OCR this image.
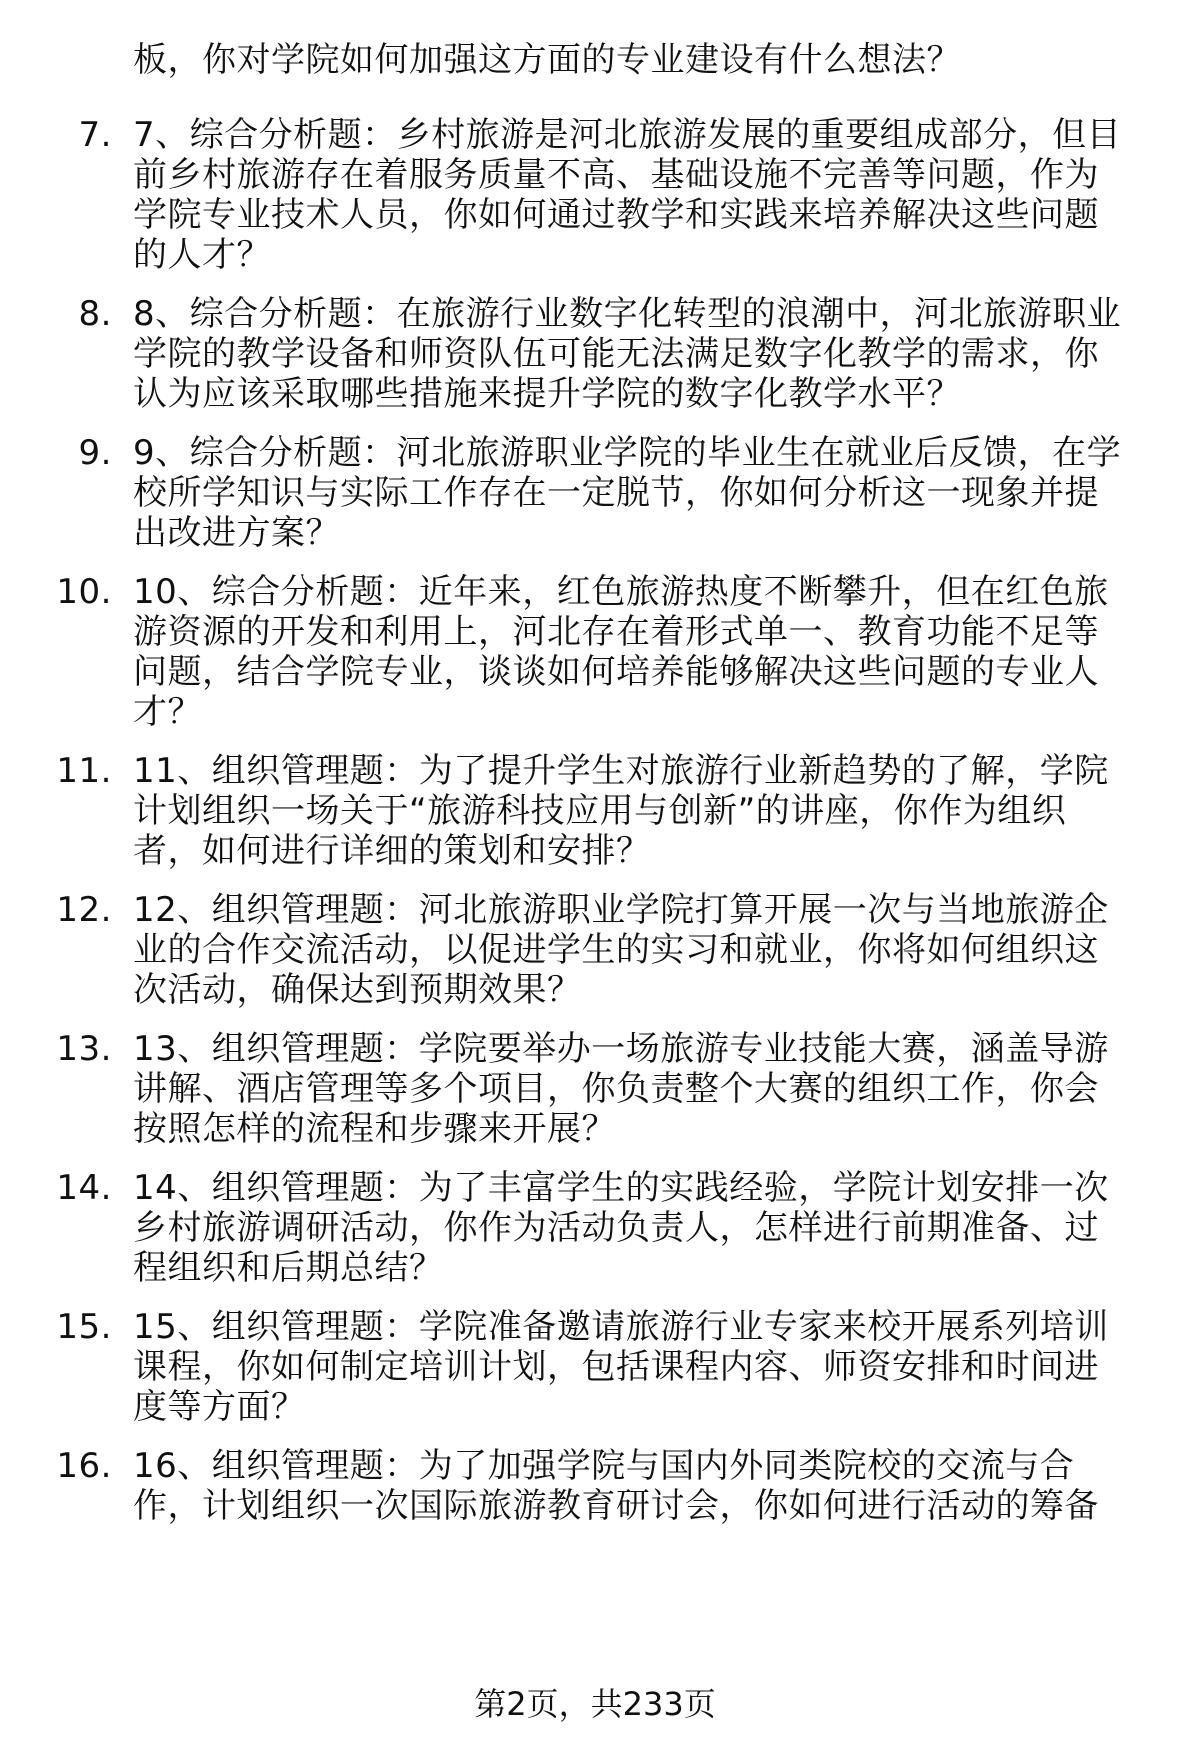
板，你对学院如何加强这方面的专业建设有什么想法？
7. 7、综合分析题：乡村旅游是河北旅游发展的重要组成部分，但目
前乡村旅游存在着服务质量不高、基础设施不完善等问题，作为
学院专业技术人员，你如何通过教学和实践来培养解决这些问题
的人才？
8. 8、综合分析题：在旅游行业数字化转型的浪潮中，河北旅游职业
学院的教学设备和师资队伍可能无法满足数字化教学的需求，你
认为应该采取哪些措施来提升学院的数字化教学水平？
9. 9、综合分析题：河北旅游职业学院的毕业生在就业后反馈，在学
校所学知识与实际工作存在一定脱节，你如何分析这一现象并提
出改进方案？
10. 10、综合分析题：近年来，红色旅游热度不断攀升，但在红色旅
游资源的开发和利用上，河北存在着形式单一、教育功能不足等
问题，结合学院专业，谈谈如何培养能够解决这些问题的专业人
才？
11. 11、组织管理题：为了提升学生对旅游行业新趋势的了解，学院
计划组织一场关于“旅游科技应用与创新”的讲座，你作为组织
者，如何进行详细的策划和安排？
12. 12、组织管理题：河北旅游职业学院打算开展一次与当地旅游企
业的合作交流活动，以促进学生的实习和就业，你将如何组织这
次活动，确保达到预期效果？
13. 13、组织管理题：学院要举办一场旅游专业技能大赛，涵盖导游
讲解、酒店管理等多个项目，你负责整个大赛的组织工作，你会
按照怎样的流程和步骤来开展？
14. 14、组织管理题：为了丰富学生的实践经验，学院计划安排一次
乡村旅游调研活动，你作为活动负责人，怎样进行前期准备、过
程组织和后期总结？
15. 15、组织管理题：学院准备邀请旅游行业专家来校开展系列培训
课程，你如何制定培训计划，包括课程内容、师资安排和时间进
度等方面？
16. 16、组织管理题：为了加强学院与国内外同类院校的交流与合
作，计划组织一次国际旅游教育研讨会，你如何进行活动的筹备
第2页，共233页
